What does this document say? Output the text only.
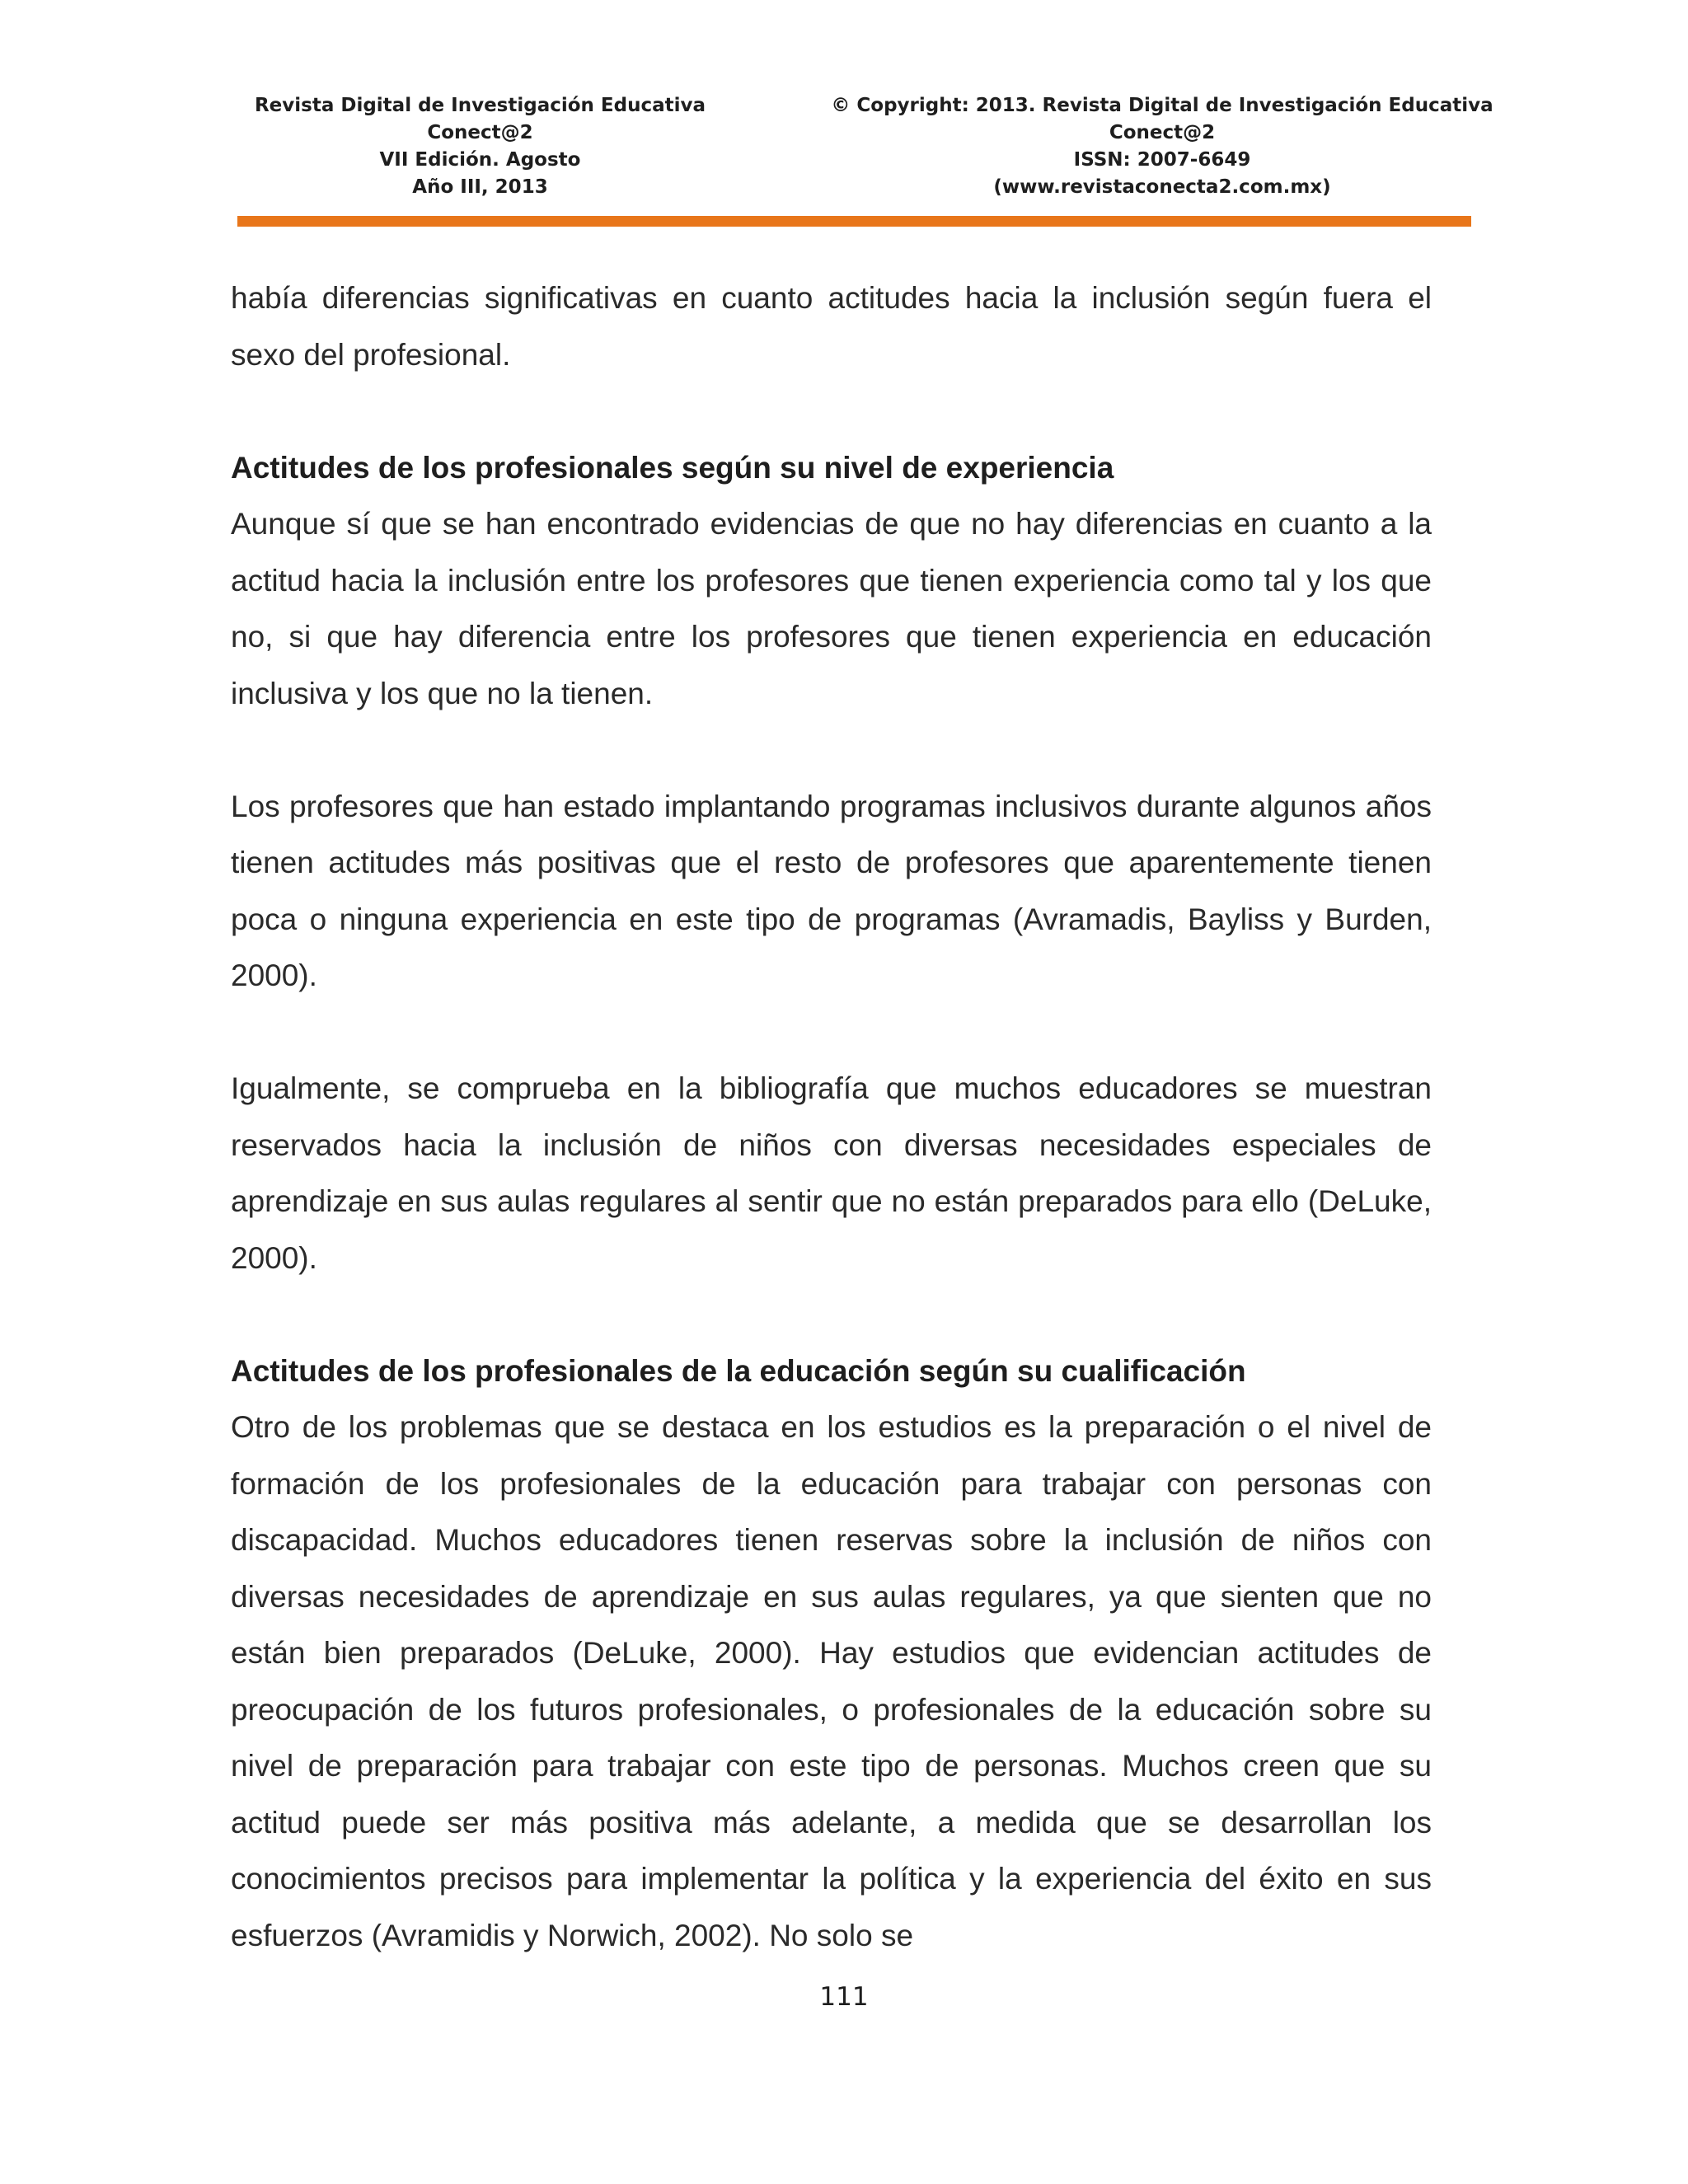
Revista Digital de Investigación Educativa
Conect@2
VII Edición. Agosto
Año III, 2013
© Copyright: 2013. Revista Digital de Investigación Educativa
Conect@2
ISSN: 2007-6649
(www.revistaconecta2.com.mx)

había diferencias significativas en cuanto actitudes hacia la inclusión según fuera el sexo del profesional.

Actitudes de los profesionales según su nivel de experiencia

Aunque sí que se han encontrado evidencias de que no hay diferencias en cuanto a la actitud hacia la inclusión entre los profesores que tienen experiencia como tal y los que no, si que hay diferencia entre los profesores que tienen experiencia en educación inclusiva y los que no la tienen.

Los profesores que han estado implantando programas inclusivos durante algunos años tienen actitudes más positivas que el resto de profesores que aparentemente tienen poca o ninguna experiencia en este tipo de programas (Avramadis, Bayliss y Burden, 2000).

Igualmente, se comprueba en la bibliografía que muchos educadores se muestran reservados hacia la inclusión de niños con diversas necesidades especiales de aprendizaje en sus aulas regulares al sentir que no están preparados para ello (DeLuke, 2000).

Actitudes de los profesionales de la educación según su cualificación

Otro de los problemas que se destaca en los estudios es la preparación o el nivel de formación de los profesionales de la educación para trabajar con personas con discapacidad. Muchos educadores tienen reservas sobre la inclusión de niños con diversas necesidades de aprendizaje en sus aulas regulares, ya que sienten que no están bien preparados (DeLuke, 2000). Hay estudios que evidencian actitudes de preocupación de los futuros profesionales, o profesionales de la educación sobre su nivel de preparación para trabajar con este tipo de personas. Muchos creen que su actitud puede ser más positiva más adelante, a medida que se desarrollan los conocimientos precisos para implementar la política y la experiencia del éxito en sus esfuerzos (Avramidis y Norwich, 2002). No solo se

111
